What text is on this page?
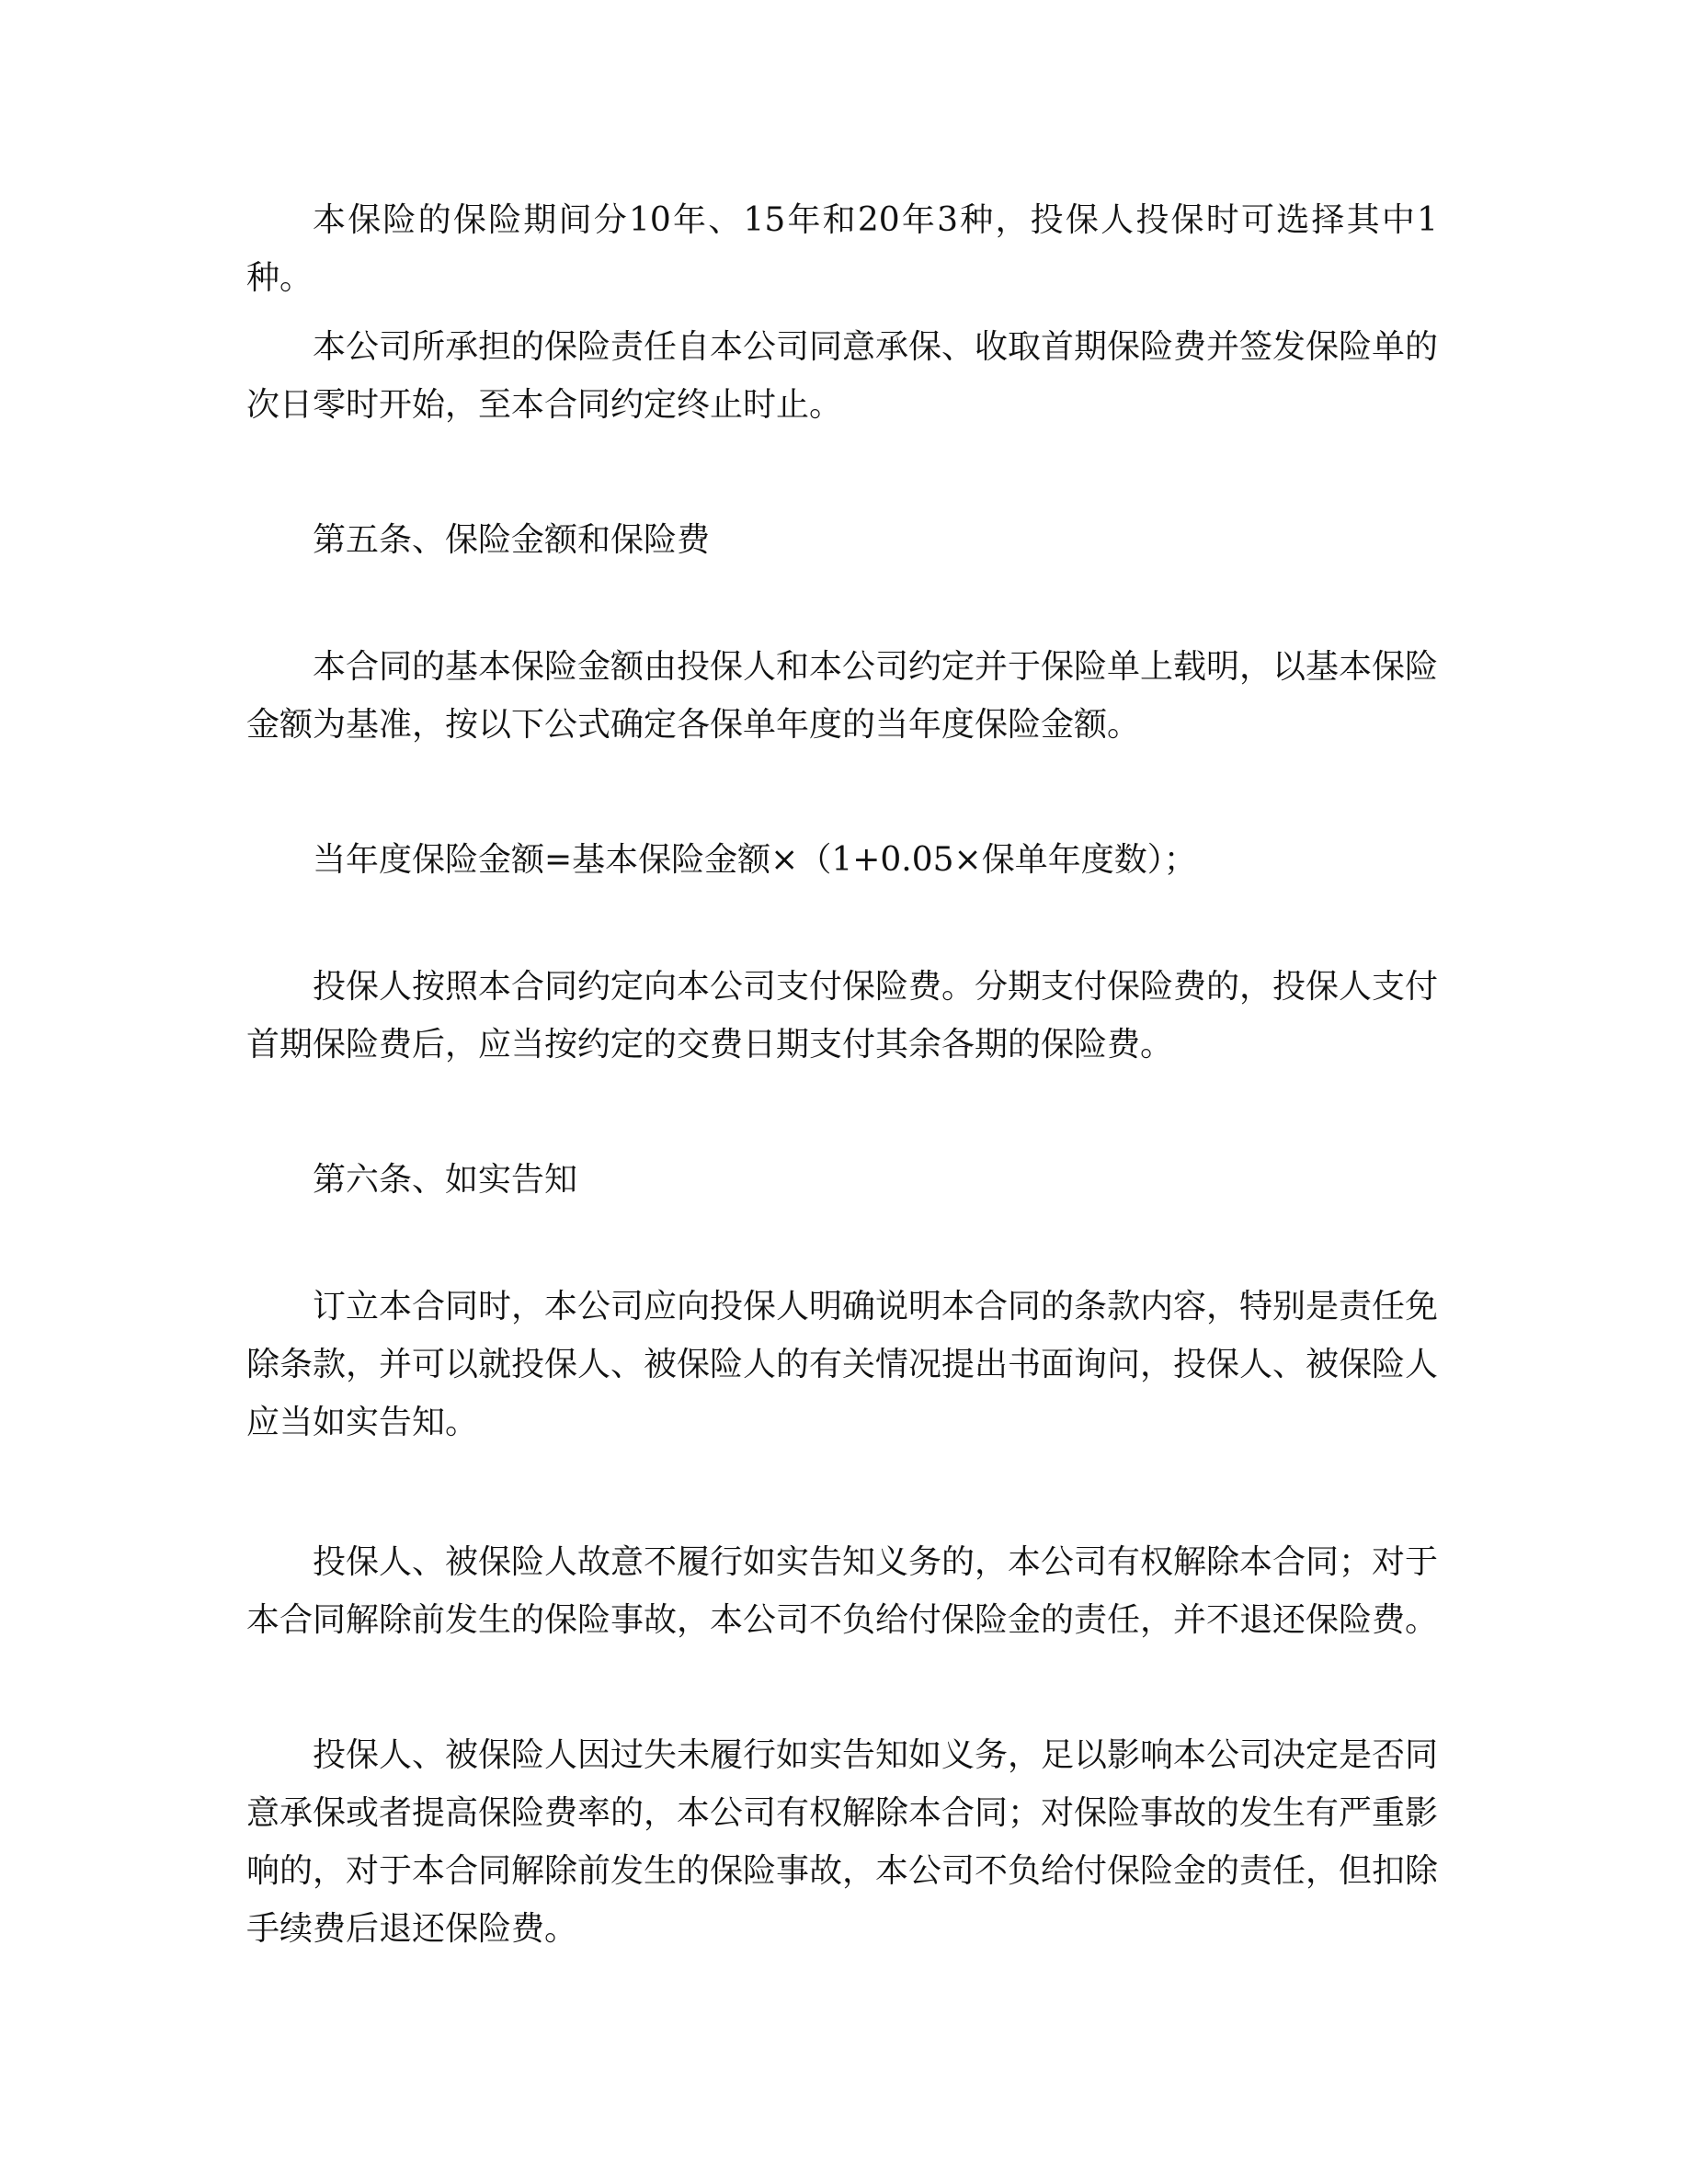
本保险的保险期间分10年、15年和20年3种，投保人投保时可选择其中1种。

本公司所承担的保险责任自本公司同意承保、收取首期保险费并签发保险单的次日零时开始，至本合同约定终止时止。

第五条、保险金额和保险费

本合同的基本保险金额由投保人和本公司约定并于保险单上载明，以基本保险金额为基准，按以下公式确定各保单年度的当年度保险金额。

当年度保险金额=基本保险金额×（1+0.05×保单年度数）；

投保人按照本合同约定向本公司支付保险费。分期支付保险费的，投保人支付首期保险费后，应当按约定的交费日期支付其余各期的保险费。

第六条、如实告知

订立本合同时，本公司应向投保人明确说明本合同的条款内容，特别是责任免除条款，并可以就投保人、被保险人的有关情况提出书面询问，投保人、被保险人应当如实告知。

投保人、被保险人故意不履行如实告知义务的，本公司有权解除本合同；对于本合同解除前发生的保险事故，本公司不负给付保险金的责任，并不退还保险费。

投保人、被保险人因过失未履行如实告知如义务，足以影响本公司决定是否同意承保或者提高保险费率的，本公司有权解除本合同；对保险事故的发生有严重影响的，对于本合同解除前发生的保险事故，本公司不负给付保险金的责任，但扣除手续费后退还保险费。
